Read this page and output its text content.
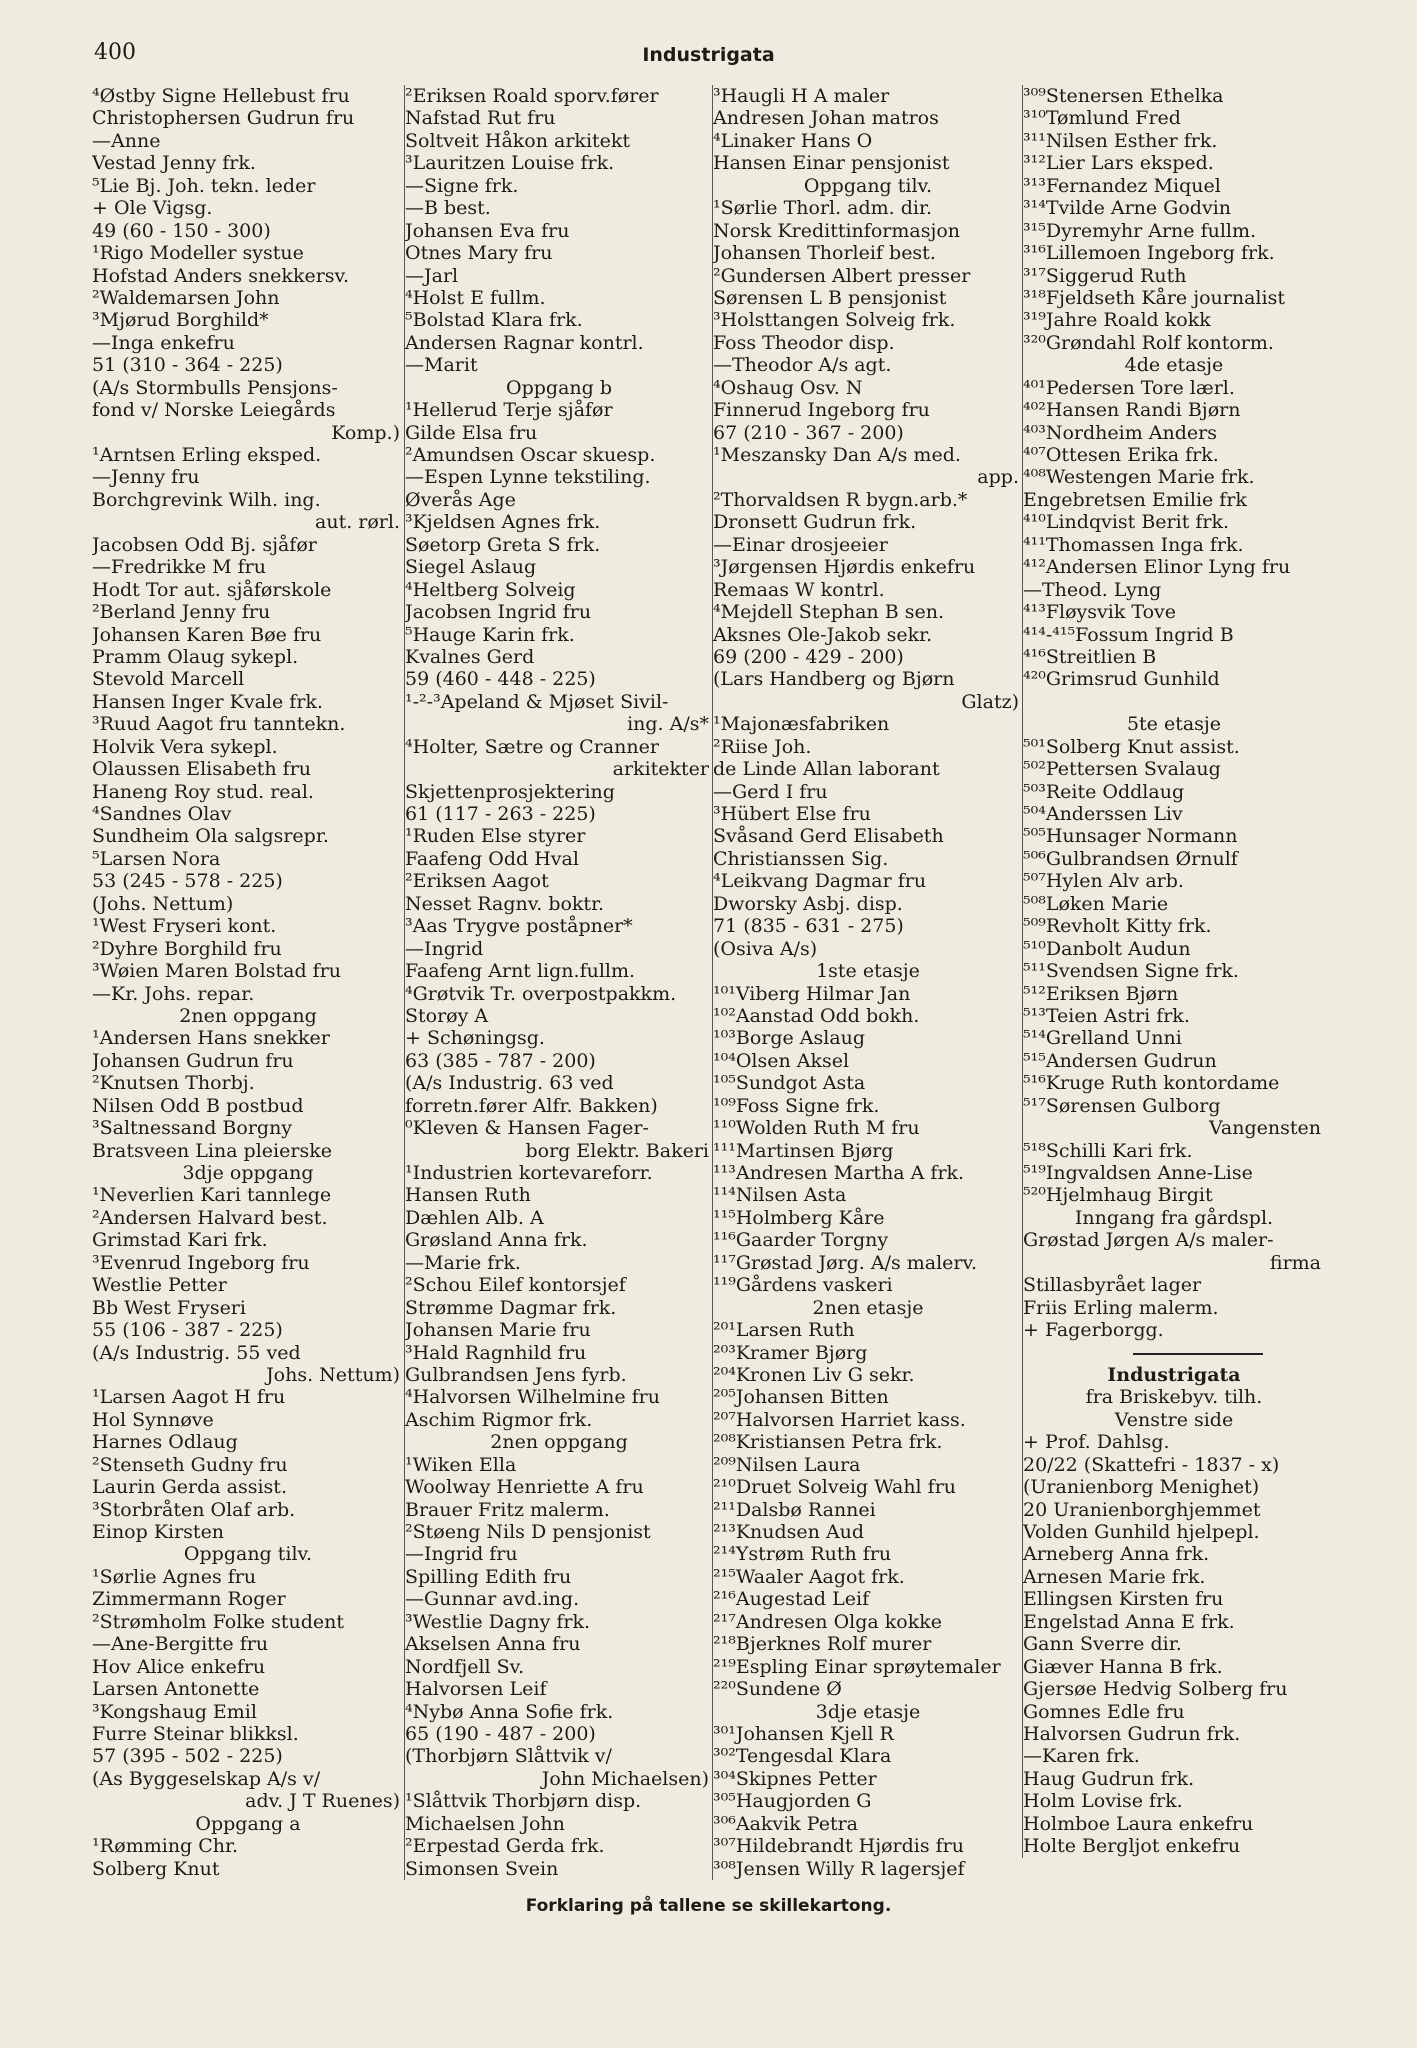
400	Industrigata
⁴Østby Signe Hellebust fru
Christophersen Gudrun fru
—Anne
Vestad Jenny frk.
⁵Lie Bj. Joh. tekn. leder
+ Ole Vigsg.
49 (60 - 150 - 300)
¹Rigo Modeller systue
Hofstad Anders snekkersv.
²Waldemarsen John
³Mjørud Borghild*
—Inga enkefru
51 (310 - 364 - 225)
(A/s Stormbulls Pensjons-
fond v/ Norske Leiegårds
Komp.)
¹Arntsen Erling eksped.
—Jenny fru
Borchgrevink Wilh. ing.
aut. rørl.
Jacobsen Odd Bj. sjåfør
—Fredrikke M fru
Hodt Tor aut. sjåførskole
²Berland Jenny fru
Johansen Karen Bøe fru
Pramm Olaug sykepl.
Stevold Marcell
Hansen Inger Kvale frk.
³Ruud Aagot fru tanntekn.
Holvik Vera sykepl.
Olaussen Elisabeth fru
Haneng Roy stud. real.
⁴Sandnes Olav
Sundheim Ola salgsrepr.
⁵Larsen Nora
53 (245 - 578 - 225)
(Johs. Nettum)
¹West Fryseri kont.
²Dyhre Borghild fru
³Wøien Maren Bolstad fru
—Kr. Johs. repar.
2nen oppgang
¹Andersen Hans snekker
Johansen Gudrun fru
²Knutsen Thorbj.
Nilsen Odd B postbud
³Saltnessand Borgny
Bratsveen Lina pleierske
3dje oppgang
¹Neverlien Kari tannlege
²Andersen Halvard best.
Grimstad Kari frk.
³Evenrud Ingeborg fru
Westlie Petter
Bb West Fryseri
55 (106 - 387 - 225)
(A/s Industrig. 55 ved
Johs. Nettum)
¹Larsen Aagot H fru
Hol Synnøve
Harnes Odlaug
²Stenseth Gudny fru
Laurin Gerda assist.
³Storbråten Olaf arb.
Einop Kirsten
Oppgang tilv.
¹Sørlie Agnes fru
Zimmermann Roger
²Strømholm Folke student
—Ane-Bergitte fru
Hov Alice enkefru
Larsen Antonette
³Kongshaug Emil
Furre Steinar blikksl.
57 (395 - 502 - 225)
(As Byggeselskap A/s v/
adv. J T Ruenes)
Oppgang a
¹Rømming Chr.
Solberg Knut
²Eriksen Roald sporv.fører
Nafstad Rut fru
Soltveit Håkon arkitekt
³Lauritzen Louise frk.
—Signe frk.
—B best.
Johansen Eva fru
Otnes Mary fru
—Jarl
⁴Holst E fullm.
⁵Bolstad Klara frk.
Andersen Ragnar kontrl.
—Marit
Oppgang b
¹Hellerud Terje sjåfør
Gilde Elsa fru
²Amundsen Oscar skuesp.
—Espen Lynne tekstiling.
Øverås Age
³Kjeldsen Agnes frk.
Søetorp Greta S frk.
Siegel Aslaug
⁴Heltberg Solveig
Jacobsen Ingrid fru
⁵Hauge Karin frk.
Kvalnes Gerd
59 (460 - 448 - 225)
¹-²-³Apeland & Mjøset Sivil-
ing. A/s*
⁴Holter, Sætre og Cranner
arkitekter
Skjettenprosjektering
61 (117 - 263 - 225)
¹Ruden Else styrer
Faafeng Odd Hval
²Eriksen Aagot
Nesset Ragnv. boktr.
³Aas Trygve poståpner*
—Ingrid
Faafeng Arnt lign.fullm.
⁴Grøtvik Tr. overpostpakkm.
Storøy A
+ Schøningsg.
63 (385 - 787 - 200)
(A/s Industrig. 63 ved
forretn.fører Alfr. Bakken)
⁰Kleven & Hansen Fager-
borg Elektr. Bakeri
¹Industrien kortevareforr.
Hansen Ruth
Dæhlen Alb. A
Grøsland Anna frk.
—Marie frk.
²Schou Eilef kontorsjef
Strømme Dagmar frk.
Johansen Marie fru
³Hald Ragnhild fru
Gulbrandsen Jens fyrb.
⁴Halvorsen Wilhelmine fru
Aschim Rigmor frk.
2nen oppgang
¹Wiken Ella
Woolway Henriette A fru
Brauer Fritz malerm.
²Støeng Nils D pensjonist
—Ingrid fru
Spilling Edith fru
—Gunnar avd.ing.
³Westlie Dagny frk.
Akselsen Anna fru
Nordfjell Sv.
Halvorsen Leif
⁴Nybø Anna Sofie frk.
65 (190 - 487 - 200)
(Thorbjørn Slåttvik v/
John Michaelsen)
¹Slåttvik Thorbjørn disp.
Michaelsen John
²Erpestad Gerda frk.
Simonsen Svein
³Haugli H A maler
Andresen Johan matros
⁴Linaker Hans O
Hansen Einar pensjonist
Oppgang tilv.
¹Sørlie Thorl. adm. dir.
Norsk Kredittinformasjon
Johansen Thorleif best.
²Gundersen Albert presser
Sørensen L B pensjonist
³Holsttangen Solveig frk.
Foss Theodor disp.
—Theodor A/s agt.
⁴Oshaug Osv. N
Finnerud Ingeborg fru
67 (210 - 367 - 200)
¹Meszansky Dan A/s med.
app.
²Thorvaldsen R bygn.arb.*
Dronsett Gudrun frk.
—Einar drosjeeier
³Jørgensen Hjørdis enkefru
Remaas W kontrl.
⁴Mejdell Stephan B sen.
Aksnes Ole-Jakob sekr.
69 (200 - 429 - 200)
(Lars Handberg og Bjørn
Glatz)
¹Majonæsfabriken
²Riise Joh.
de Linde Allan laborant
—Gerd I fru
³Hübert Else fru
Svåsand Gerd Elisabeth
Christianssen Sig.
⁴Leikvang Dagmar fru
Dworsky Asbj. disp.
71 (835 - 631 - 275)
(Osiva A/s)
1ste etasje
¹⁰¹Viberg Hilmar Jan
¹⁰²Aanstad Odd bokh.
¹⁰³Borge Aslaug
¹⁰⁴Olsen Aksel
¹⁰⁵Sundgot Asta
¹⁰⁹Foss Signe frk.
¹¹⁰Wolden Ruth M fru
¹¹¹Martinsen Bjørg
¹¹³Andresen Martha A frk.
¹¹⁴Nilsen Asta
¹¹⁵Holmberg Kåre
¹¹⁶Gaarder Torgny
¹¹⁷Grøstad Jørg. A/s malerv.
¹¹⁹Gårdens vaskeri
2nen etasje
²⁰¹Larsen Ruth
²⁰³Kramer Bjørg
²⁰⁴Kronen Liv G sekr.
²⁰⁵Johansen Bitten
²⁰⁷Halvorsen Harriet kass.
²⁰⁸Kristiansen Petra frk.
²⁰⁹Nilsen Laura
²¹⁰Druet Solveig Wahl fru
²¹¹Dalsbø Rannei
²¹³Knudsen Aud
²¹⁴Ystrøm Ruth fru
²¹⁵Waaler Aagot frk.
²¹⁶Augestad Leif
²¹⁷Andresen Olga kokke
²¹⁸Bjerknes Rolf murer
²¹⁹Espling Einar sprøytemaler
²²⁰Sundene Ø
3dje etasje
³⁰¹Johansen Kjell R
³⁰²Tengesdal Klara
³⁰⁴Skipnes Petter
³⁰⁵Haugjorden G
³⁰⁶Aakvik Petra
³⁰⁷Hildebrandt Hjørdis fru
³⁰⁸Jensen Willy R lagersjef
³⁰⁹Stenersen Ethelka
³¹⁰Tømlund Fred
³¹¹Nilsen Esther frk.
³¹²Lier Lars eksped.
³¹³Fernandez Miquel
³¹⁴Tvilde Arne Godvin
³¹⁵Dyremyhr Arne fullm.
³¹⁶Lillemoen Ingeborg frk.
³¹⁷Siggerud Ruth
³¹⁸Fjeldseth Kåre journalist
³¹⁹Jahre Roald kokk
³²⁰Grøndahl Rolf kontorm.
4de etasje
⁴⁰¹Pedersen Tore lærl.
⁴⁰²Hansen Randi Bjørn
⁴⁰³Nordheim Anders
⁴⁰⁷Ottesen Erika frk.
⁴⁰⁸Westengen Marie frk.
Engebretsen Emilie frk
⁴¹⁰Lindqvist Berit frk.
⁴¹¹Thomassen Inga frk.
⁴¹²Andersen Elinor Lyng fru
—Theod. Lyng
⁴¹³Fløysvik Tove
⁴¹⁴-⁴¹⁵Fossum Ingrid B
⁴¹⁶Streitlien B
⁴²⁰Grimsrud Gunhild
5te etasje
⁵⁰¹Solberg Knut assist.
⁵⁰²Pettersen Svalaug
⁵⁰³Reite Oddlaug
⁵⁰⁴Anderssen Liv
⁵⁰⁵Hunsager Normann
⁵⁰⁶Gulbrandsen Ørnulf
⁵⁰⁷Hylen Alv arb.
⁵⁰⁸Løken Marie
⁵⁰⁹Revholt Kitty frk.
⁵¹⁰Danbolt Audun
⁵¹¹Svendsen Signe frk.
⁵¹²Eriksen Bjørn
⁵¹³Teien Astri frk.
⁵¹⁴Grelland Unni
⁵¹⁵Andersen Gudrun
⁵¹⁶Kruge Ruth kontordame
⁵¹⁷Sørensen Gulborg
Vangensten
⁵¹⁸Schilli Kari frk.
⁵¹⁹Ingvaldsen Anne-Lise
⁵²⁰Hjelmhaug Birgit
Inngang fra gårdspl.
Grøstad Jørgen A/s maler-
firma
Stillasbyrået lager
Friis Erling malerm.
+ Fagerborgg.
Industrigata
fra Briskebyv. tilh.
Venstre side
+ Prof. Dahlsg.
20/22 (Skattefri - 1837 - x)
(Uranienborg Menighet)
20 Uranienborghjemmet
Volden Gunhild hjelpepl.
Arneberg Anna frk.
Arnesen Marie frk.
Ellingsen Kirsten fru
Engelstad Anna E frk.
Gann Sverre dir.
Giæver Hanna B frk.
Gjersøe Hedvig Solberg fru
Gomnes Edle fru
Halvorsen Gudrun frk.
—Karen frk.
Haug Gudrun frk.
Holm Lovise frk.
Holmboe Laura enkefru
Holte Bergljot enkefru
Forklaring på tallene se skillekartong.
